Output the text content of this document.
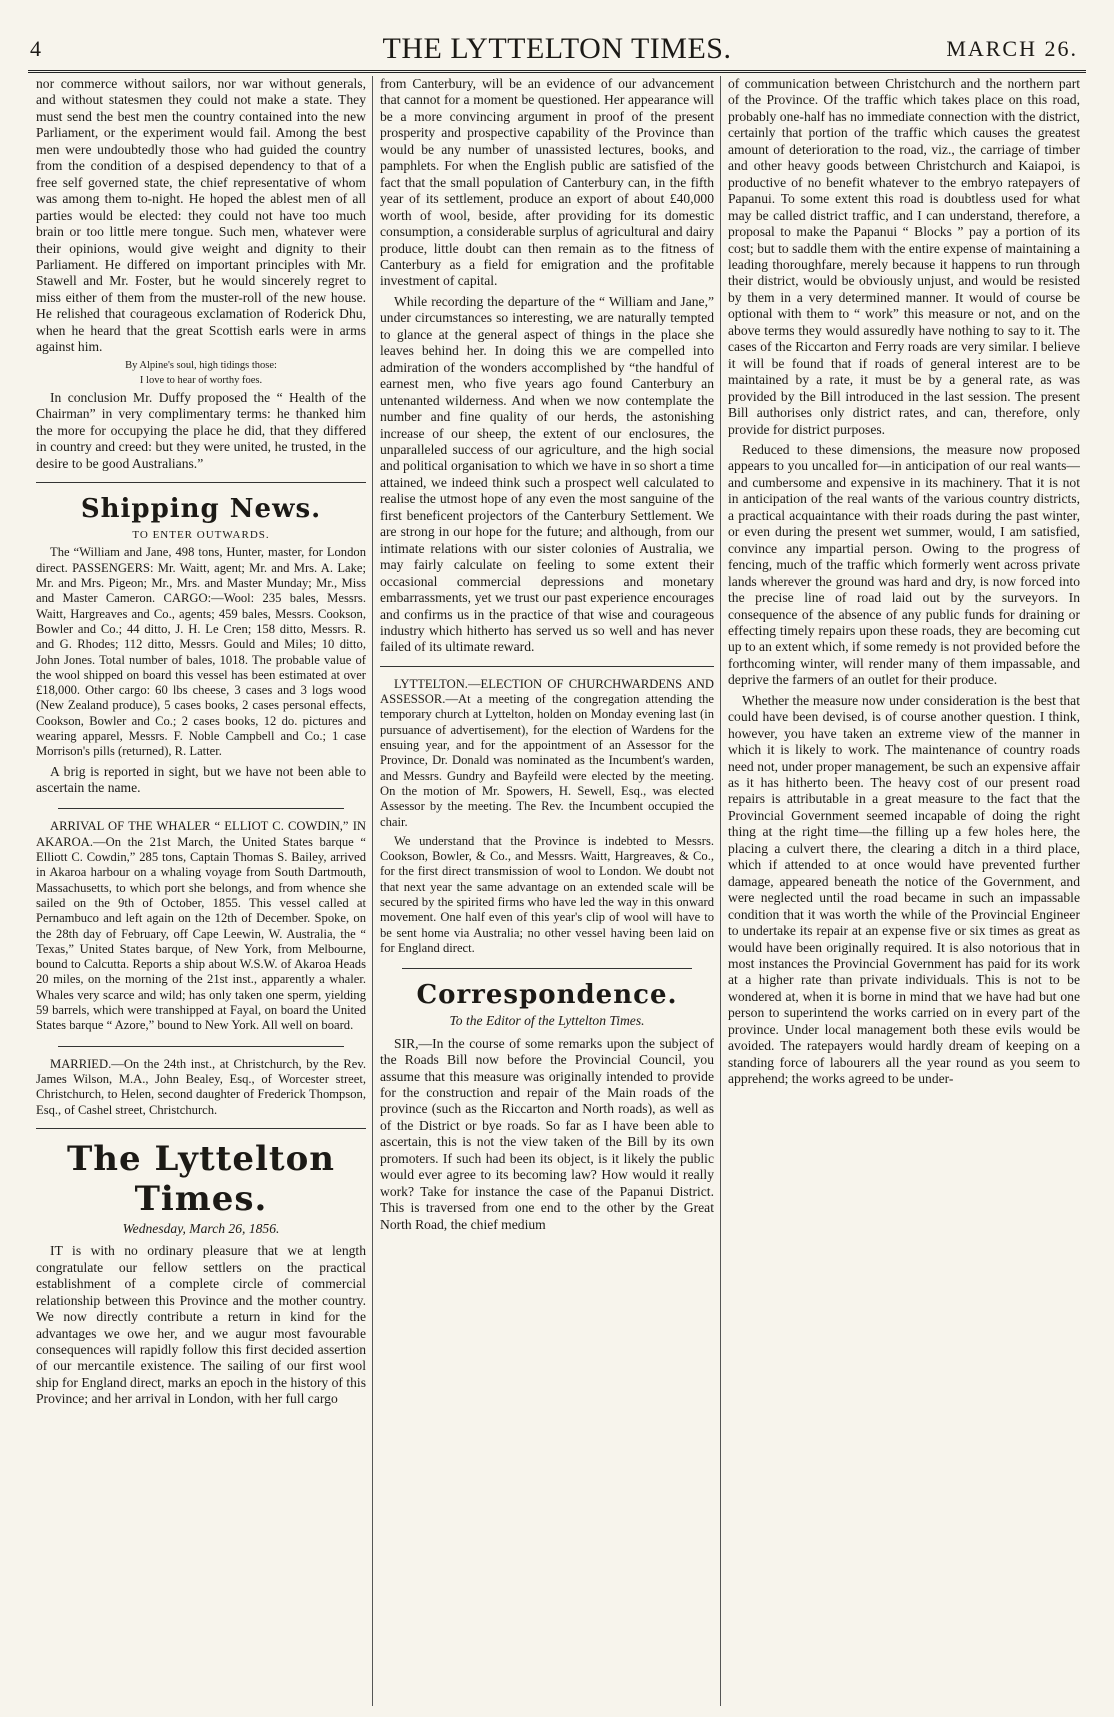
4	THE LYTTELTON TIMES.	MARCH 26.

nor commerce without sailors, nor war without generals, and without statesmen they could not make a state. They must send the best men the country contained into the new Parliament, or the experiment would fail. Among the best men were undoubtedly those who had guided the country from the condition of a despised dependency to that of a free self governed state, the chief representative of whom was among them to-night. He hoped the ablest men of all parties would be elected: they could not have too much brain or too little mere tongue. Such men, whatever were their opinions, would give weight and dignity to their Parliament. He differed on important principles with Mr. Stawell and Mr. Foster, but he would sincerely regret to miss either of them from the muster-roll of the new house. He relished that courageous exclamation of Roderick Dhu, when he heard that the great Scottish earls were in arms against him.

By Alpine's soul, high tidings those:
I love to hear of worthy foes.

In conclusion Mr. Duffy proposed the “ Health of the Chairman” in very complimentary terms: he thanked him the more for occupying the place he did, that they differed in country and creed: but they were united, he trusted, in the desire to be good Australians.”

Shipping News.
TO ENTER OUTWARDS.

The “William and Jane, 498 tons, Hunter, master, for London direct. PASSENGERS: Mr. Waitt, agent; Mr. and Mrs. A. Lake; Mr. and Mrs. Pigeon; Mr., Mrs. and Master Munday; Mr., Miss and Master Cameron. CARGO:—Wool: 235 bales, Messrs. Waitt, Hargreaves and Co., agents; 459 bales, Messrs. Cookson, Bowler and Co.; 44 ditto, J. H. Le Cren; 158 ditto, Messrs. R. and G. Rhodes; 112 ditto, Messrs. Gould and Miles; 10 ditto, John Jones. Total number of bales, 1018. The probable value of the wool shipped on board this vessel has been estimated at over £18,000. Other cargo: 60 lbs cheese, 3 cases and 3 logs wood (New Zealand produce), 5 cases books, 2 cases personal effects, Cookson, Bowler and Co.; 2 cases books, 12 do. pictures and wearing apparel, Messrs. F. Noble Campbell and Co.; 1 case Morrison's pills (returned), R. Latter.

A brig is reported in sight, but we have not been able to ascertain the name.

ARRIVAL OF THE WHALER “ ELLIOT C. COWDIN,” IN AKAROA.—On the 21st March, the United States barque “ Elliott C. Cowdin,” 285 tons, Captain Thomas S. Bailey, arrived in Akaroa harbour on a whaling voyage from South Dartmouth, Massachusetts, to which port she belongs, and from whence she sailed on the 9th of October, 1855. This vessel called at Pernambuco and left again on the 12th of December. Spoke, on the 28th day of February, off Cape Leewin, W. Australia, the “ Texas,” United States barque, of New York, from Melbourne, bound to Calcutta. Reports a ship about W.S.W. of Akaroa Heads 20 miles, on the morning of the 21st inst., apparently a whaler. Whales very scarce and wild; has only taken one sperm, yielding 59 barrels, which were transhipped at Fayal, on board the United States barque “ Azore,” bound to New York. All well on board.

MARRIED.—On the 24th inst., at Christchurch, by the Rev. James Wilson, M.A., John Bealey, Esq., of Worcester street, Christchurch, to Helen, second daughter of Frederick Thompson, Esq., of Cashel street, Christchurch.

The Lyttelton Times.
Wednesday, March 26, 1856.

IT is with no ordinary pleasure that we at length congratulate our fellow settlers on the practical establishment of a complete circle of commercial relationship between this Province and the mother country. We now directly contribute a return in kind for the advantages we owe her, and we augur most favourable consequences will rapidly follow this first decided assertion of our mercantile existence. The sailing of our first wool ship for England direct, marks an epoch in the history of this Province; and her arrival in London, with her full cargo

from Canterbury, will be an evidence of our advancement that cannot for a moment be questioned. Her appearance will be a more convincing argument in proof of the present prosperity and prospective capability of the Province than would be any number of unassisted lectures, books, and pamphlets. For when the English public are satisfied of the fact that the small population of Canterbury can, in the fifth year of its settlement, produce an export of about £40,000 worth of wool, beside, after providing for its domestic consumption, a considerable surplus of agricultural and dairy produce, little doubt can then remain as to the fitness of Canterbury as a field for emigration and the profitable investment of capital.

While recording the departure of the “ William and Jane,” under circumstances so interesting, we are naturally tempted to glance at the general aspect of things in the place she leaves behind her. In doing this we are compelled into admiration of the wonders accomplished by “the handful of earnest men, who five years ago found Canterbury an untenanted wilderness. And when we now contemplate the number and fine quality of our herds, the astonishing increase of our sheep, the extent of our enclosures, the unparalleled success of our agriculture, and the high social and political organisation to which we have in so short a time attained, we indeed think such a prospect well calculated to realise the utmost hope of any even the most sanguine of the first beneficent projectors of the Canterbury Settlement. We are strong in our hope for the future; and although, from our intimate relations with our sister colonies of Australia, we may fairly calculate on feeling to some extent their occasional commercial depressions and monetary embarrassments, yet we trust our past experience encourages and confirms us in the practice of that wise and courageous industry which hitherto has served us so well and has never failed of its ultimate reward.

LYTTELTON.—ELECTION OF CHURCHWARDENS AND ASSESSOR.—At a meeting of the congregation attending the temporary church at Lyttelton, holden on Monday evening last (in pursuance of advertisement), for the election of Wardens for the ensuing year, and for the appointment of an Assessor for the Province, Dr. Donald was nominated as the Incumbent's warden, and Messrs. Gundry and Bayfeild were elected by the meeting. On the motion of Mr. Spowers, H. Sewell, Esq., was elected Assessor by the meeting. The Rev. the Incumbent occupied the chair.

We understand that the Province is indebted to Messrs. Cookson, Bowler, & Co., and Messrs. Waitt, Hargreaves, & Co., for the first direct transmission of wool to London. We doubt not that next year the same advantage on an extended scale will be secured by the spirited firms who have led the way in this onward movement. One half even of this year's clip of wool will have to be sent home via Australia; no other vessel having been laid on for England direct.

Correspondence.
To the Editor of the Lyttelton Times.

SIR,—In the course of some remarks upon the subject of the Roads Bill now before the Provincial Council, you assume that this measure was originally intended to provide for the construction and repair of the Main roads of the province (such as the Riccarton and North roads), as well as of the District or bye roads. So far as I have been able to ascertain, this is not the view taken of the Bill by its own promoters. If such had been its object, is it likely the public would ever agree to its becoming law? How would it really work? Take for instance the case of the Papanui District. This is traversed from one end to the other by the Great North Road, the chief medium

of communication between Christchurch and the northern part of the Province. Of the traffic which takes place on this road, probably one-half has no immediate connection with the district, certainly that portion of the traffic which causes the greatest amount of deterioration to the road, viz., the carriage of timber and other heavy goods between Christchurch and Kaiapoi, is productive of no benefit whatever to the embryo ratepayers of Papanui. To some extent this road is doubtless used for what may be called district traffic, and I can understand, therefore, a proposal to make the Papanui “ Blocks ” pay a portion of its cost; but to saddle them with the entire expense of maintaining a leading thoroughfare, merely because it happens to run through their district, would be obviously unjust, and would be resisted by them in a very determined manner. It would of course be optional with them to “ work” this measure or not, and on the above terms they would assuredly have nothing to say to it. The cases of the Riccarton and Ferry roads are very similar. I believe it will be found that if roads of general interest are to be maintained by a rate, it must be by a general rate, as was provided by the Bill introduced in the last session. The present Bill authorises only district rates, and can, therefore, only provide for district purposes.

Reduced to these dimensions, the measure now proposed appears to you uncalled for—in anticipation of our real wants—and cumbersome and expensive in its machinery. That it is not in anticipation of the real wants of the various country districts, a practical acquaintance with their roads during the past winter, or even during the present wet summer, would, I am satisfied, convince any impartial person. Owing to the progress of fencing, much of the traffic which formerly went across private lands wherever the ground was hard and dry, is now forced into the precise line of road laid out by the surveyors. In consequence of the absence of any public funds for draining or effecting timely repairs upon these roads, they are becoming cut up to an extent which, if some remedy is not provided before the forthcoming winter, will render many of them impassable, and deprive the farmers of an outlet for their produce.

Whether the measure now under consideration is the best that could have been devised, is of course another question. I think, however, you have taken an extreme view of the manner in which it is likely to work. The maintenance of country roads need not, under proper management, be such an expensive affair as it has hitherto been. The heavy cost of our present road repairs is attributable in a great measure to the fact that the Provincial Government seemed incapable of doing the right thing at the right time—the filling up a few holes here, the placing a culvert there, the clearing a ditch in a third place, which if attended to at once would have prevented further damage, appeared beneath the notice of the Government, and were neglected until the road became in such an impassable condition that it was worth the while of the Provincial Engineer to undertake its repair at an expense five or six times as great as would have been originally required. It is also notorious that in most instances the Provincial Government has paid for its work at a higher rate than private individuals. This is not to be wondered at, when it is borne in mind that we have had but one person to superintend the works carried on in every part of the province. Under local management both these evils would be avoided. The ratepayers would hardly dream of keeping on a standing force of labourers all the year round as you seem to apprehend; the works agreed to be under-
